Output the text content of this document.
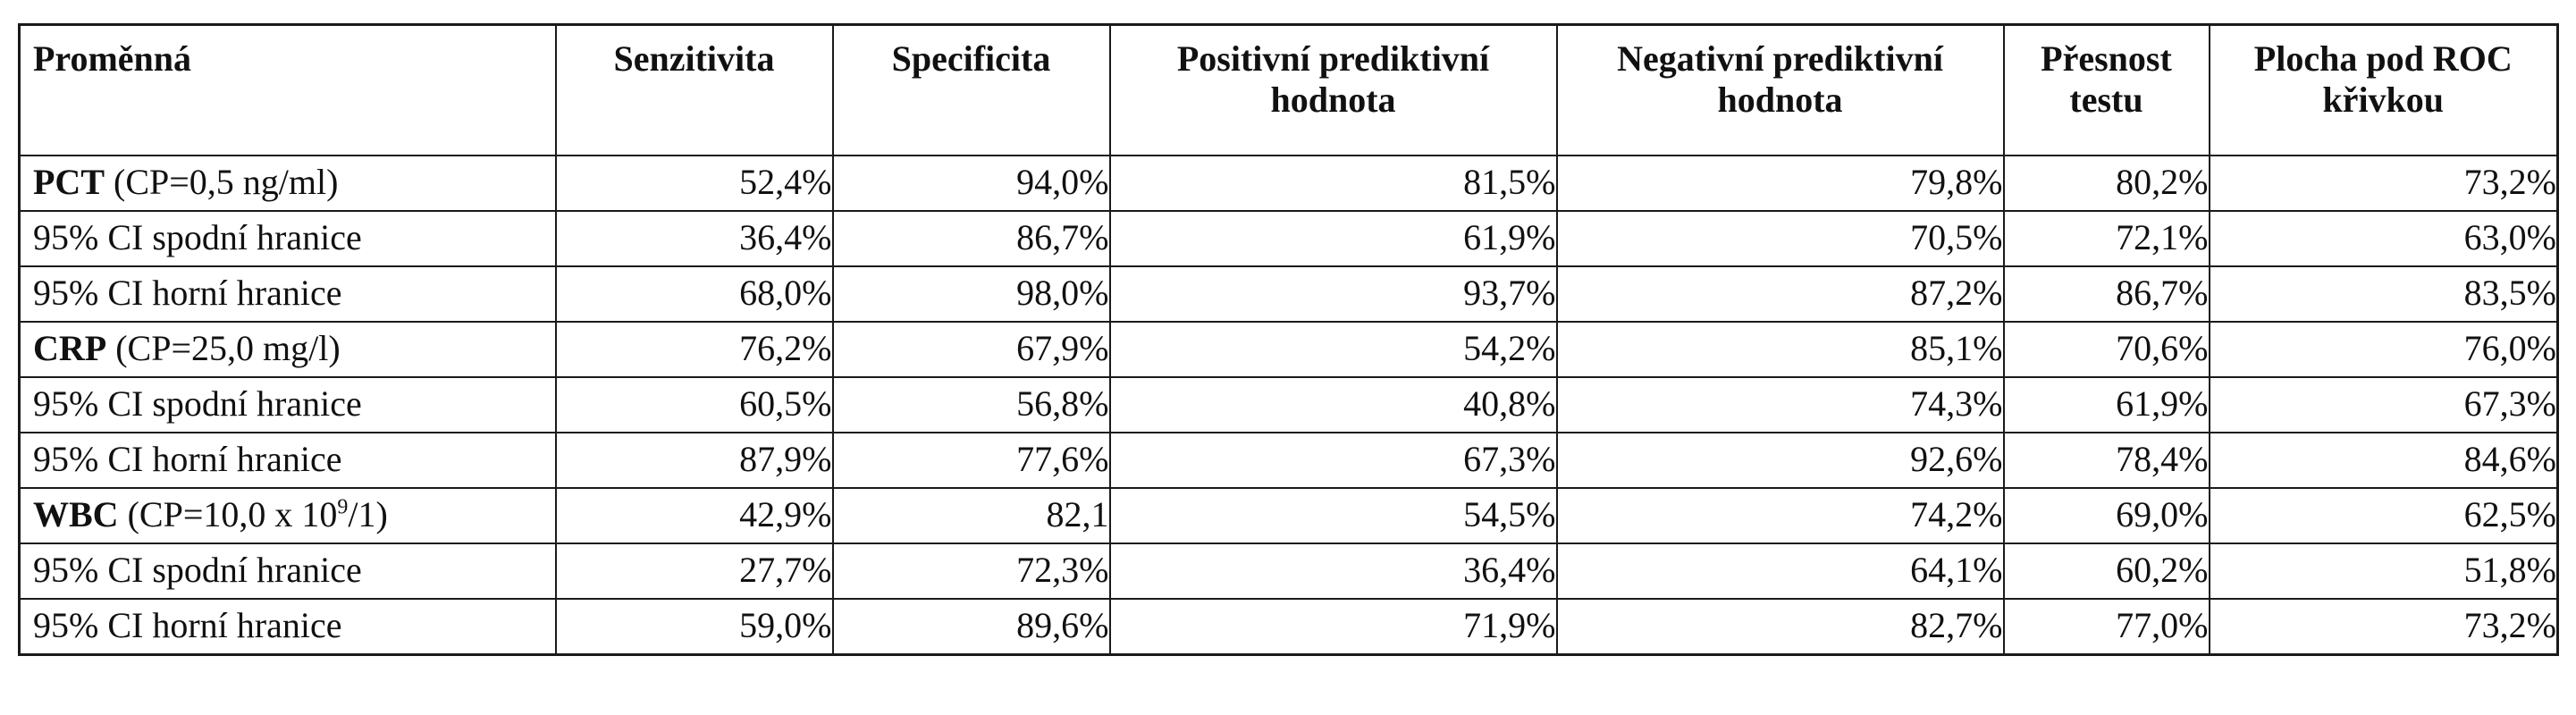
Proměnná	Senzitivita	Specificita	Positivní prediktivní hodnota	Negativní prediktivní hodnota	Přesnost testu	Plocha pod ROC křivkou
PCT (CP=0,5 ng/ml)	52,4%	94,0%	81,5%	79,8%	80,2%	73,2%
95% CI spodní hranice	36,4%	86,7%	61,9%	70,5%	72,1%	63,0%
95% CI horní hranice	68,0%	98,0%	93,7%	87,2%	86,7%	83,5%
CRP (CP=25,0 mg/l)	76,2%	67,9%	54,2%	85,1%	70,6%	76,0%
95% CI spodní hranice	60,5%	56,8%	40,8%	74,3%	61,9%	67,3%
95% CI horní hranice	87,9%	77,6%	67,3%	92,6%	78,4%	84,6%
WBC (CP=10,0 x $10^9/1$)	42,9%	82,1	54,5%	74,2%	69,0%	62,5%
95% CI spodní hranice	27,7%	72,3%	36,4%	64,1%	60,2%	51,8%
95% CI horní hranice	59,0%	89,6%	71,9%	82,7%	77,0%	73,2%
